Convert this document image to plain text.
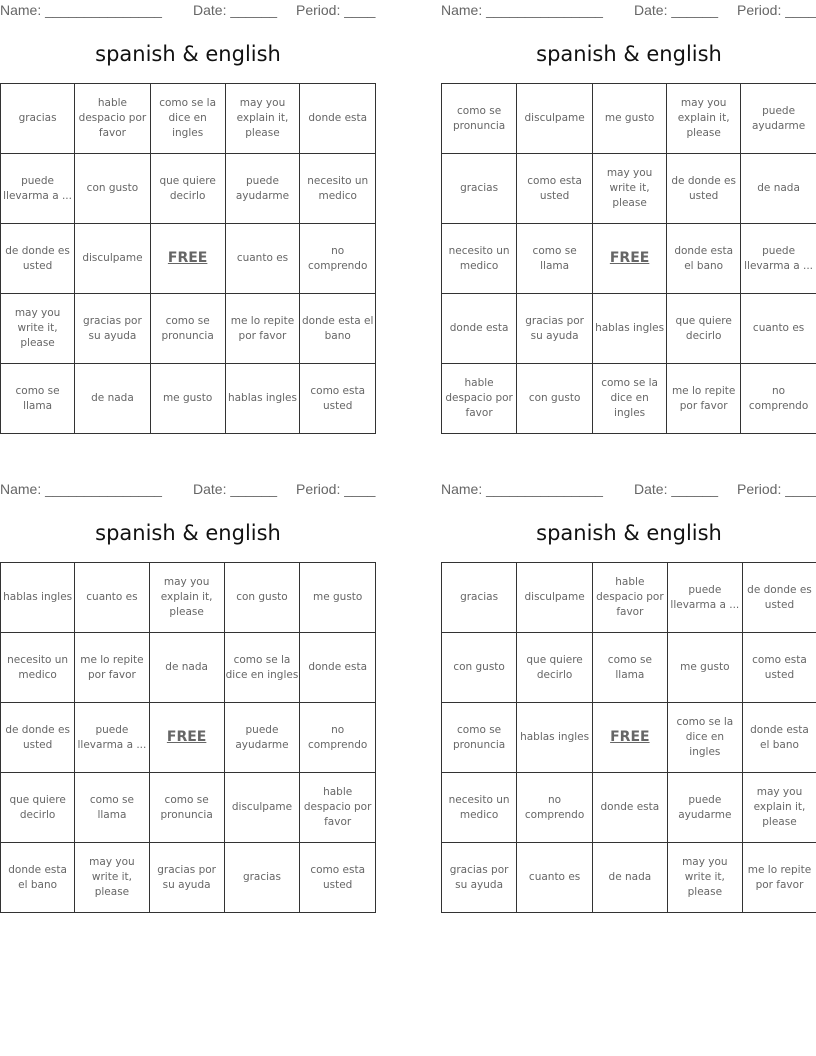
Name: _______________ Date: ______ Period: ____
spanish & english
gracias	hable despacio por favor	como se la dice en ingles	may you explain it, please	donde esta
puede llevarma a ...	con gusto	que quiere decirlo	puede ayudarme	necesito un medico
de donde es usted	disculpame	FREE	cuanto es	no comprendo
may you write it, please	gracias por su ayuda	como se pronuncia	me lo repite por favor	donde esta el bano
como se llama	de nada	me gusto	hablas ingles	como esta usted
Name: _______________ Date: ______ Period: ____
spanish & english
como se pronuncia	disculpame	me gusto	may you explain it, please	puede ayudarme
gracias	como esta usted	may you write it, please	de donde es usted	de nada
necesito un medico	como se llama	FREE	donde esta el bano	puede llevarma a ...
donde esta	gracias por su ayuda	hablas ingles	que quiere decirlo	cuanto es
hable despacio por favor	con gusto	como se la dice en ingles	me lo repite por favor	no comprendo
Name: _______________ Date: ______ Period: ____
spanish & english
hablas ingles	cuanto es	may you explain it, please	con gusto	me gusto
necesito un medico	me lo repite por favor	de nada	como se la dice en ingles	donde esta
de donde es usted	puede llevarma a ...	FREE	puede ayudarme	no comprendo
que quiere decirlo	como se llama	como se pronuncia	disculpame	hable despacio por favor
donde esta el bano	may you write it, please	gracias por su ayuda	gracias	como esta usted
Name: _______________ Date: ______ Period: ____
spanish & english
gracias	disculpame	hable despacio por favor	puede llevarma a ...	de donde es usted
con gusto	que quiere decirlo	como se llama	me gusto	como esta usted
como se pronuncia	hablas ingles	FREE	como se la dice en ingles	donde esta el bano
necesito un medico	no comprendo	donde esta	puede ayudarme	may you explain it, please
gracias por su ayuda	cuanto es	de nada	may you write it, please	me lo repite por favor
